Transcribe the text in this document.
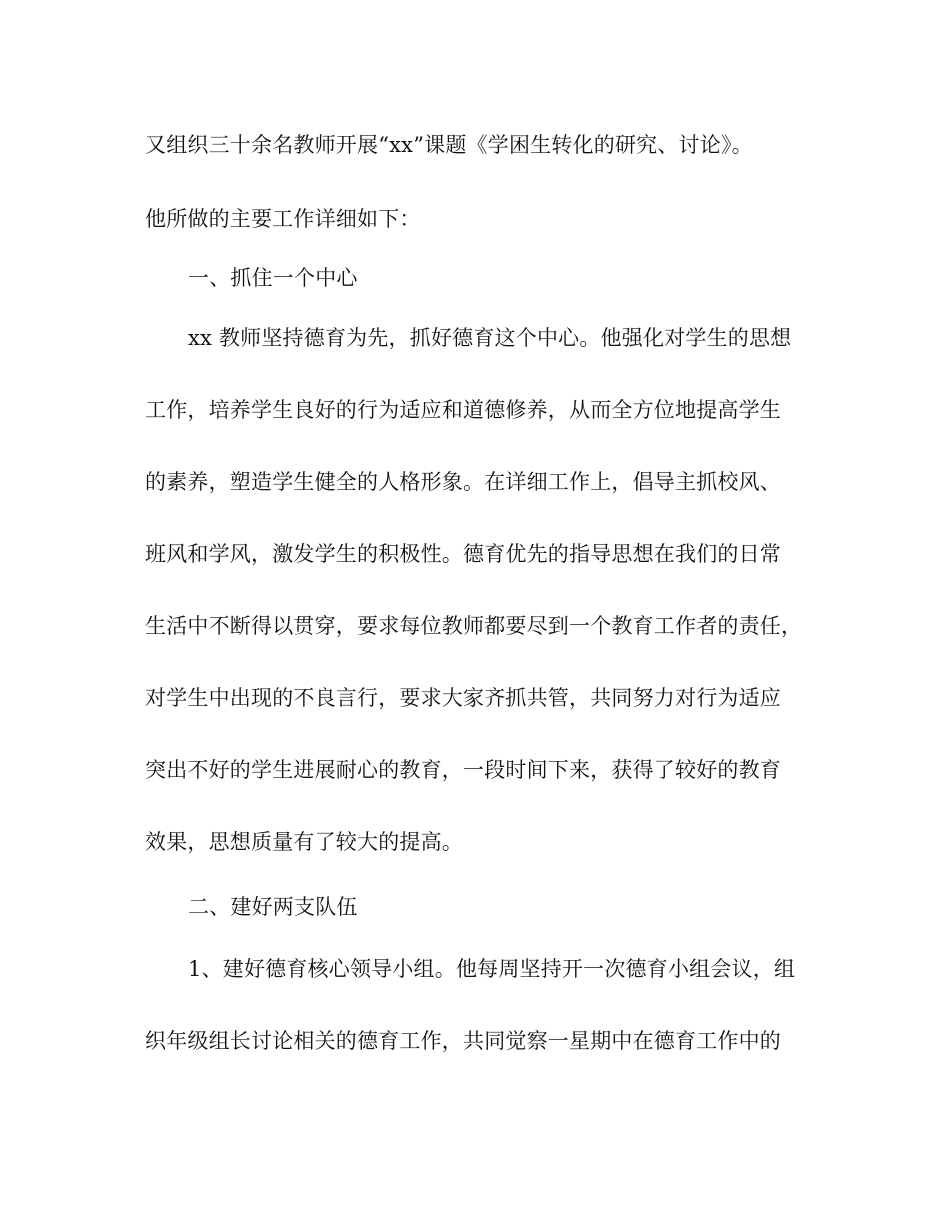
又组织三十余名教师开展“xx”课题《学困生转化的研究、讨论》。
他所做的主要工作详细如下：
一、抓住一个中心
xx 教师坚持德育为先，抓好德育这个中心。他强化对学生的思想
工作，培养学生良好的行为适应和道德修养，从而全方位地提高学生
的素养，塑造学生健全的人格形象。在详细工作上，倡导主抓校风、
班风和学风，激发学生的积极性。德育优先的指导思想在我们的日常
生活中不断得以贯穿，要求每位教师都要尽到一个教育工作者的责任，
对学生中出现的不良言行，要求大家齐抓共管，共同努力对行为适应
突出不好的学生进展耐心的教育，一段时间下来，获得了较好的教育
效果，思想质量有了较大的提高。
二、建好两支队伍
1、建好德育核心领导小组。他每周坚持开一次德育小组会议，组
织年级组长讨论相关的德育工作，共同觉察一星期中在德育工作中的
